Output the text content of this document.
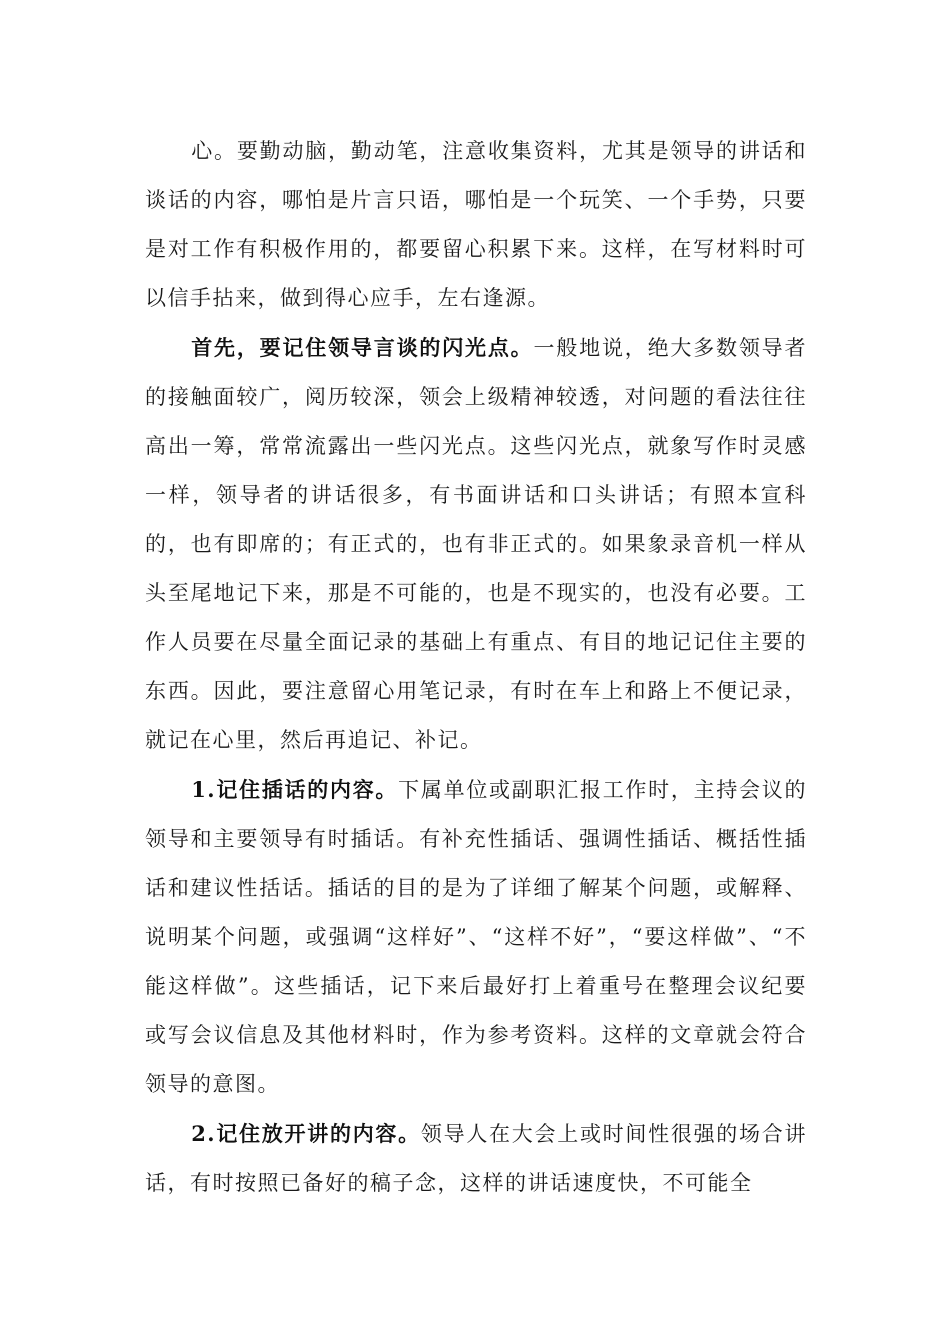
心。要勤动脑，勤动笔，注意收集资料，尤其是领导的讲话和谈话的内容，哪怕是片言只语，哪怕是一个玩笑、一个手势，只要是对工作有积极作用的，都要留心积累下来。这样，在写材料时可以信手拈来，做到得心应手，左右逢源。

首先，要记住领导言谈的闪光点。一般地说，绝大多数领导者的接触面较广，阅历较深，领会上级精神较透，对问题的看法往往高出一筹，常常流露出一些闪光点。这些闪光点，就象写作时灵感一样，领导者的讲话很多，有书面讲话和口头讲话；有照本宣科的，也有即席的；有正式的，也有非正式的。如果象录音机一样从头至尾地记下来，那是不可能的，也是不现实的，也没有必要。工作人员要在尽量全面记录的基础上有重点、有目的地记记住主要的东西。因此，要注意留心用笔记录，有时在车上和路上不便记录，就记在心里，然后再追记、补记。

1.记住插话的内容。下属单位或副职汇报工作时，主持会议的领导和主要领导有时插话。有补充性插话、强调性插话、概括性插话和建议性括话。插话的目的是为了详细了解某个问题，或解释、说明某个问题，或强调“这样好”、“这样不好”，“要这样做”、“不能这样做”。这些插话，记下来后最好打上着重号在整理会议纪要或写会议信息及其他材料时，作为参考资料。这样的文章就会符合领导的意图。

2.记住放开讲的内容。领导人在大会上或时间性很强的场合讲话，有时按照已备好的稿子念，这样的讲话速度快，不可能全
